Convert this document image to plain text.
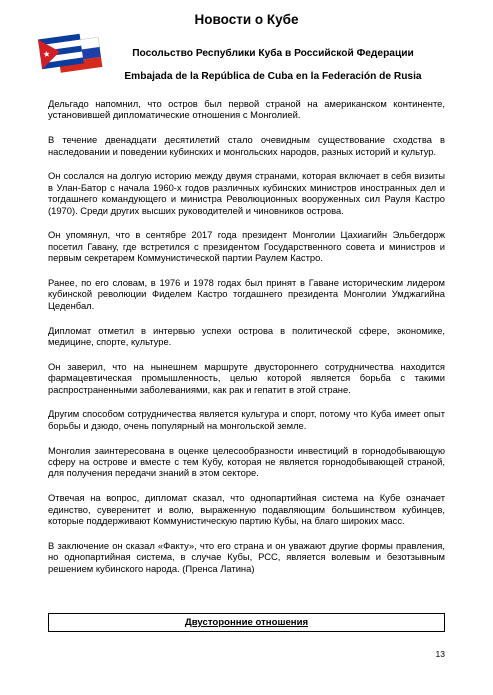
Новости о Кубе
Посольство Республики Куба в Российской Федерации
Embajada de la República de Cuba en la Federación de Rusia

Дельгадо напомнил, что остров был первой страной на американском континенте, установившей дипломатические отношения с Монголией.

В течение двенадцати десятилетий стало очевидным существование сходства в наследовании и поведении кубинских и монгольских народов, разных историй и культур.

Он сослался на долгую историю между двумя странами, которая включает в себя визиты в Улан-Батор с начала 1960-х годов различных кубинских министров иностранных дел и тогдашнего командующего и министра Революционных вооруженных сил Рауля Кастро (1970). Среди других высших руководителей и чиновников острова.

Он упомянул, что в сентябре 2017 года президент Монголии Цахиагийн Эльбегдорж посетил Гавану, где встретился с президентом Государственного совета и министров и первым секретарем Коммунистической партии Раулем Кастро.

Ранее, по его словам, в 1976 и 1978 годах был принят в Гаване историческим лидером кубинской революции Фиделем Кастро тогдашнего президента Монголии Умджагийна Цеденбал.

Дипломат отметил в интервью успехи острова в политической сфере, экономике, медицине, спорте, культуре.

Он заверил, что на нынешнем маршруте двустороннего сотрудничества находится фармацевтическая промышленность, целью которой является борьба с такими распространенными заболеваниями, как рак и гепатит в этой стране.

Другим способом сотрудничества является культура и спорт, потому что Куба имеет опыт борьбы и дзюдо, очень популярный на монгольской земле.

Монголия заинтересована в оценке целесообразности инвестиций в горнодобывающую сферу на острове и вместе с тем Кубу, которая не является горнодобывающей страной, для получения передачи знаний в этом секторе.

Отвечая на вопрос, дипломат сказал, что однопартийная система на Кубе означает единство, суверенитет и волю, выраженную подавляющим большинством кубинцев, которые поддерживают Коммунистическую партию Кубы, на благо широких масс.

В заключение он сказал «Факту», что его страна и он уважают другие формы правления, но однопартийная система, в случае Кубы, РСС, является волевым и безотзывным решением кубинского народа. (Пренса Латина)

Двусторонние отношения
13
